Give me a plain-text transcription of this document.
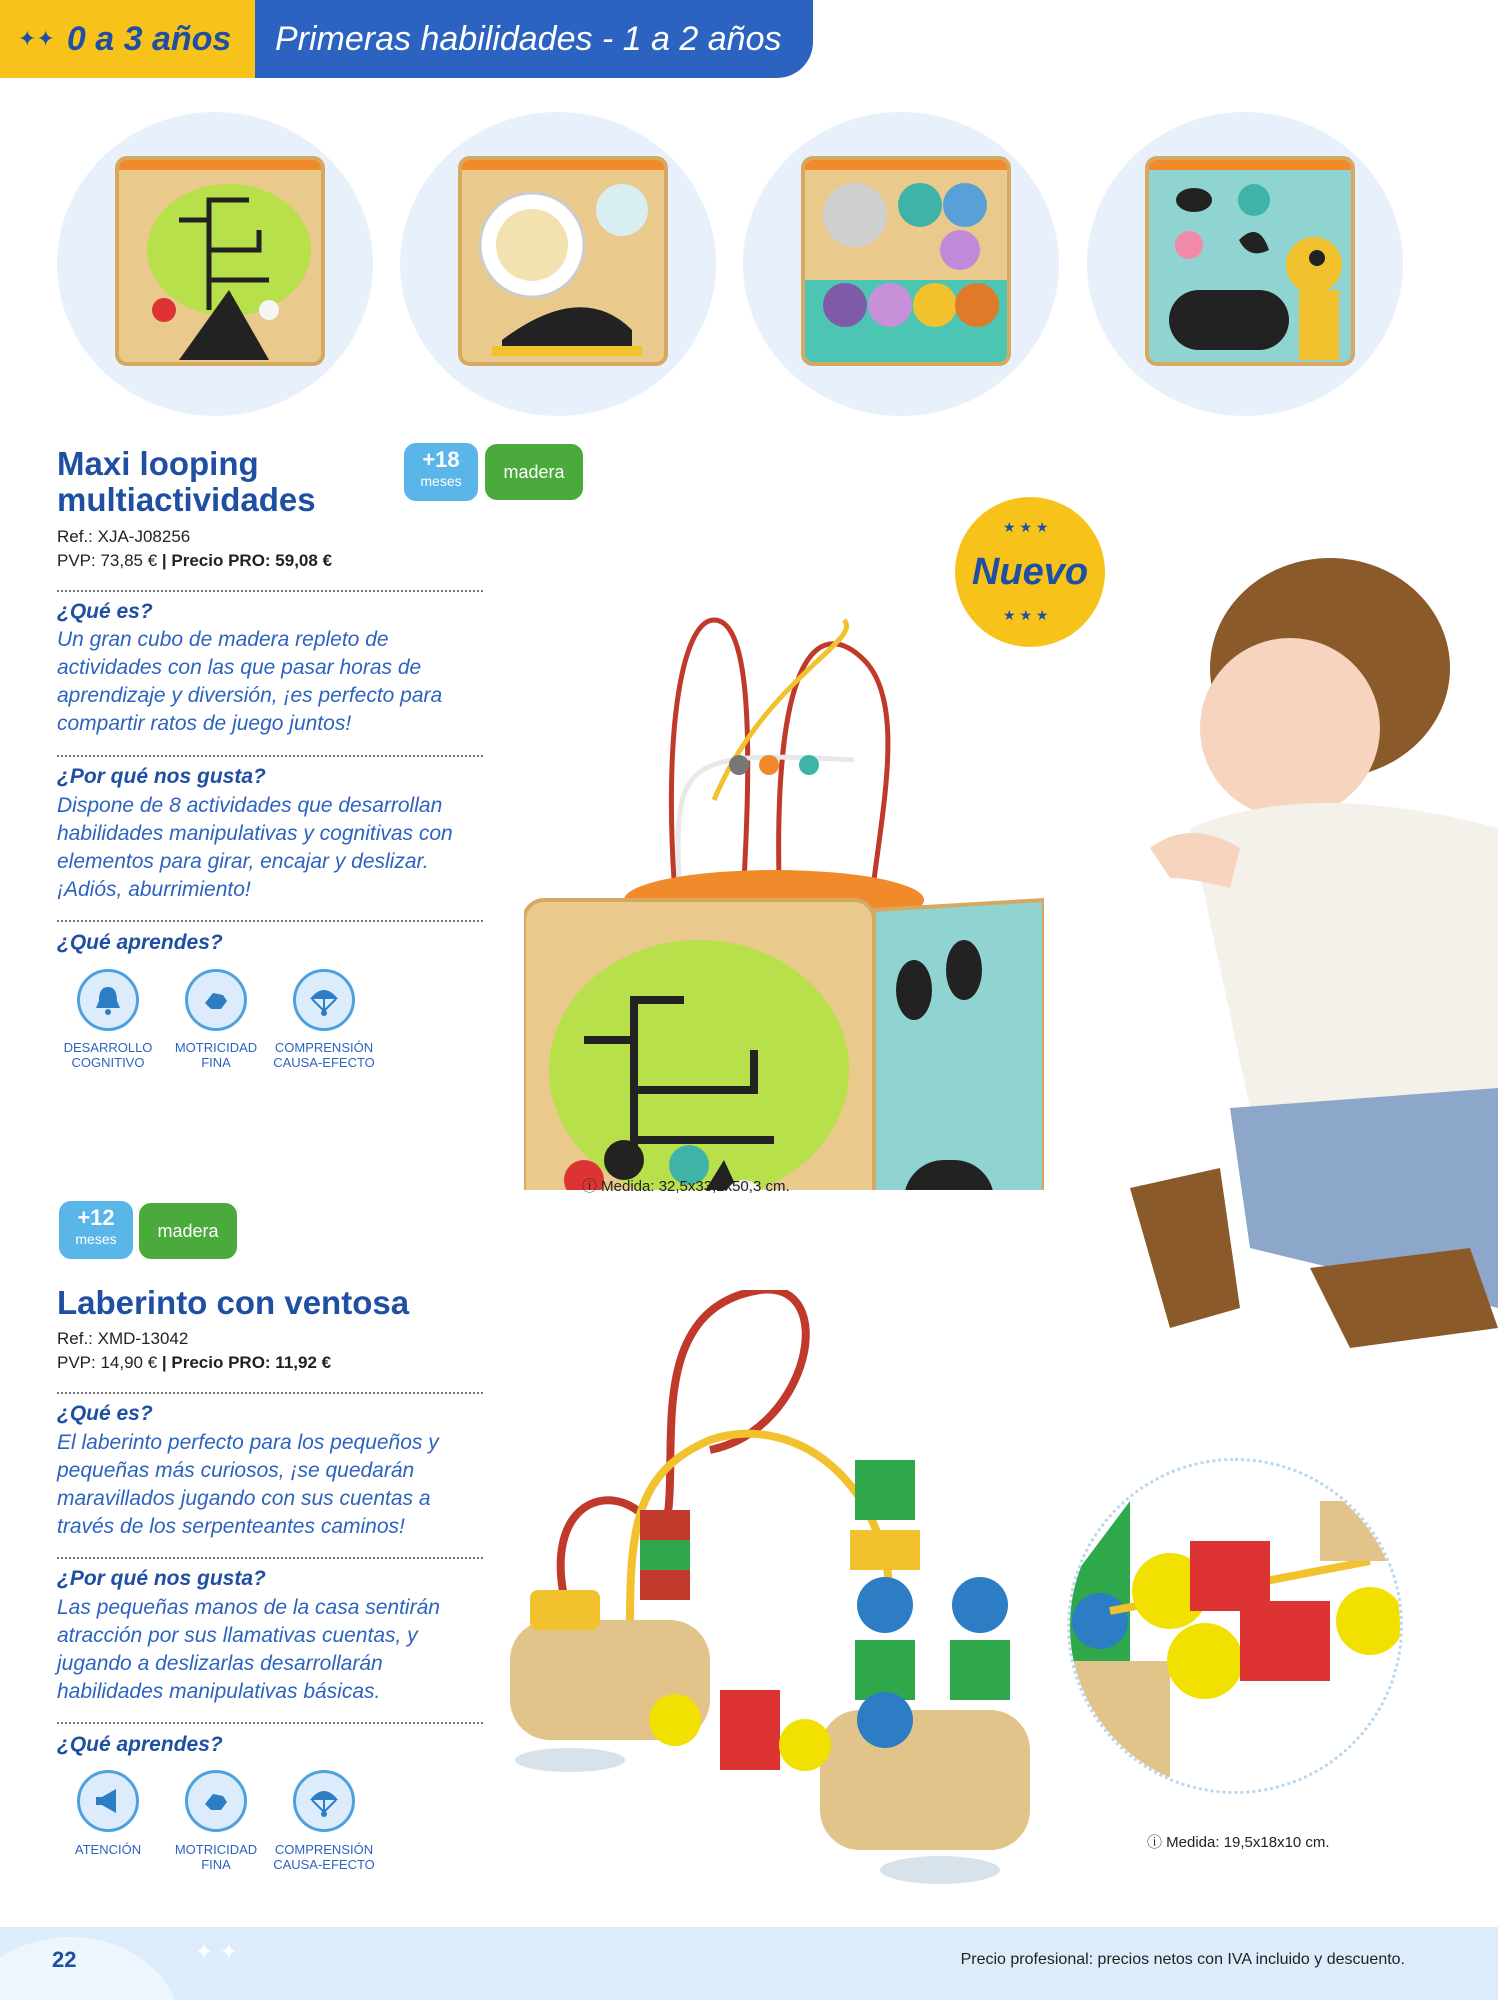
Primeras habilidades - 1 a 2 años
✦✦ 0 a 3 años
Maxi looping
multiactividades
+18
meses	madera
Ref.: XJA-J08256
PVP: 73,85 € | Precio PRO: 59,08 €
¿Qué es?
Un gran cubo de madera repleto de actividades con las que pasar horas de aprendizaje y diversión, ¡es perfecto para compartir ratos de juego juntos!
¿Por qué nos gusta?
Dispone de 8 actividades que desarrollan habilidades manipulativas y cognitivas con elementos para girar, encajar y deslizar. ¡Adiós, aburrimiento!
¿Qué aprendes?
DESARROLLO
COGNITIVO
MOTRICIDAD
FINA
COMPRENSIÓN
CAUSA-EFECTO
★ ★ ★
Nuevo
★ ★ ★
ⓘ Medida: 32,5x33,2x50,3 cm.
+12
meses	madera
Laberinto con ventosa
Ref.: XMD-13042
PVP: 14,90 € | Precio PRO: 11,92 €
¿Qué es?
El laberinto perfecto para los pequeños y pequeñas más curiosos, ¡se quedarán maravillados jugando con sus cuentas a través de los serpenteantes caminos!
¿Por qué nos gusta?
Las pequeñas manos de la casa sentirán atracción por sus llamativas cuentas, y jugando a deslizarlas desarrollarán habilidades manipulativas básicas.
¿Qué aprendes?
ATENCIÓN	MOTRICIDAD
FINA
COMPRENSIÓN
CAUSA-EFECTO
ⓘ Medida: 19,5x18x10 cm.
22	✦ ✦	Precio profesional: precios netos con IVA incluido y descuento.
